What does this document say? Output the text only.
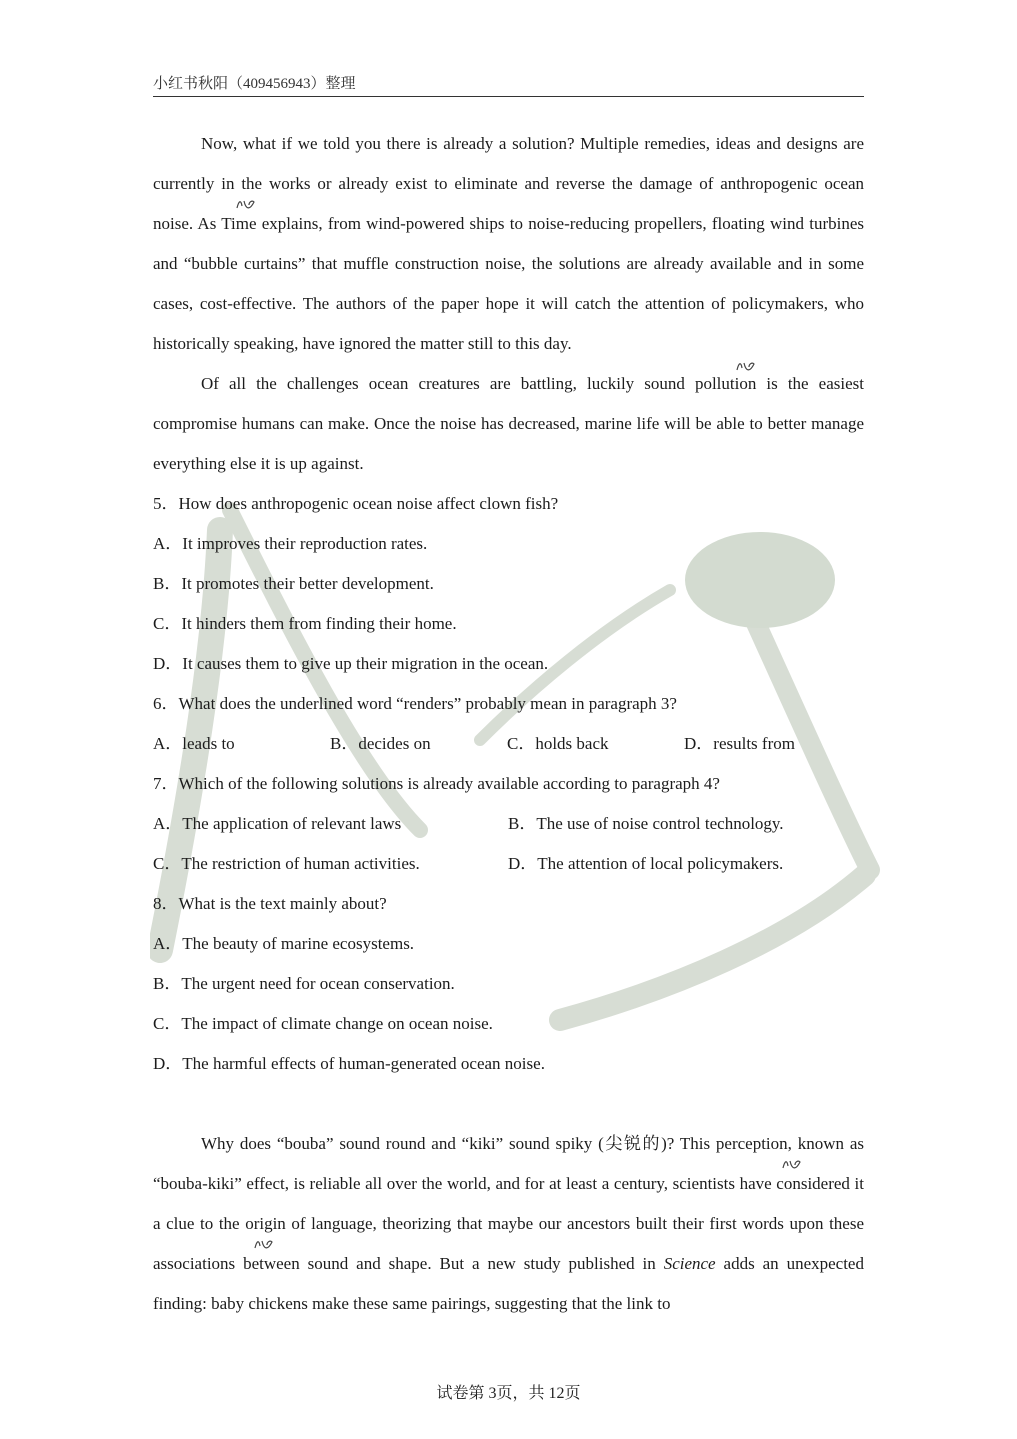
小红书秋阳（409456943）整理

Now, what if we told you there is already a solution? Multiple remedies, ideas and designs are currently in the works or already exist to eliminate and reverse the damage of anthropogenic ocean noise. As Time explains, from wind-powered ships to noise-reducing propellers, floating wind turbines and “bubble curtains” that muffle construction noise, the solutions are already available and in some cases, cost-effective. The authors of the paper hope it will catch the attention of policymakers, who historically speaking, have ignored the matter still to this day.

Of all the challenges ocean creatures are battling, luckily sound pollution is the easiest compromise humans can make. Once the noise has decreased, marine life will be able to better manage everything else it is up against.

5．How does anthropogenic ocean noise affect clown fish?

A．It improves their reproduction rates.

B．It promotes their better development.

C．It hinders them from finding their home.

D．It causes them to give up their migration in the ocean.

6．What does the underlined word “renders” probably mean in paragraph 3?

A．leads to	B．decides on	C．holds back	D．results from

7．Which of the following solutions is already available according to paragraph 4?

A．The application of relevant laws	B．The use of noise control technology.
C．The restriction of human activities.	D．The attention of local policymakers.

8．What is the text mainly about?

A．The beauty of marine ecosystems.

B．The urgent need for ocean conservation.

C．The impact of climate change on ocean noise.

D．The harmful effects of human-generated ocean noise.

Why does “bouba” sound round and “kiki” sound spiky (尖锐的)? This perception, known as “bouba-kiki” effect, is reliable all over the world, and for at least a century, scientists have considered it a clue to the origin of language, theorizing that maybe our ancestors built their first words upon these associations between sound and shape. But a new study published in Science adds an unexpected finding: baby chickens make these same pairings, suggesting that the link to

试卷第 3页，共 12页
